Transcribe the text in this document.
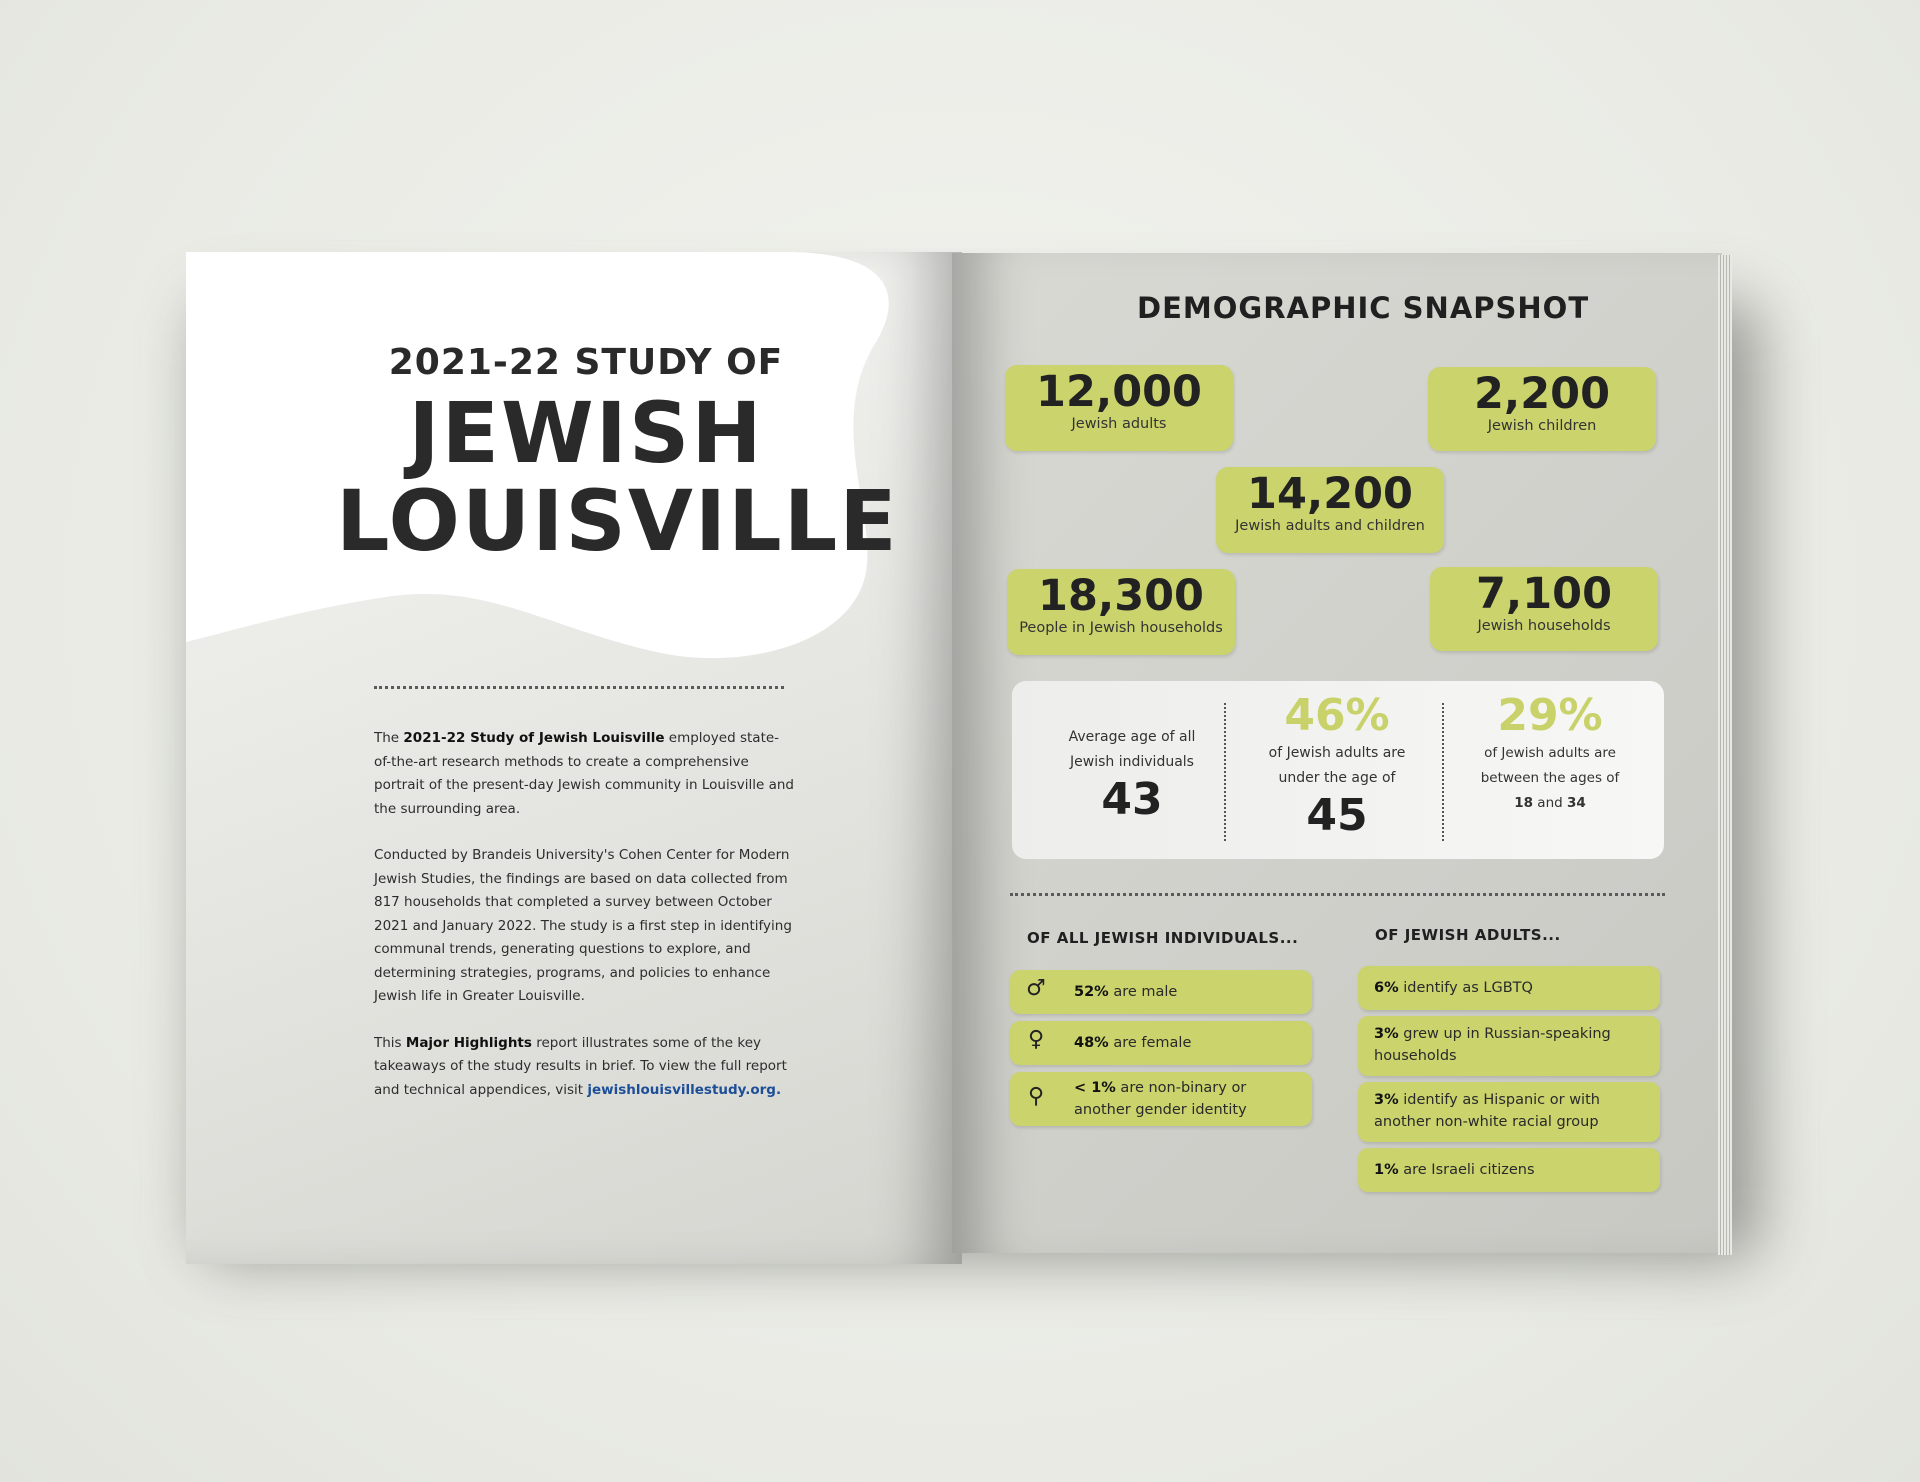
2021-22 STUDY OF
JEWISH
LOUISVILLE

The 2021-22 Study of Jewish Louisville employed state-of-the-art research methods to create a comprehensive portrait of the present-day Jewish community in Louisville and the surrounding area.

Conducted by Brandeis University's Cohen Center for Modern Jewish Studies, the findings are based on data collected from 817 households that completed a survey between October 2021 and January 2022. The study is a first step in identifying communal trends, generating questions to explore, and determining strategies, programs, and policies to enhance Jewish life in Greater Louisville.

This Major Highlights report illustrates some of the key takeaways of the study results in brief. To view the full report and technical appendices, visit jewishlouisvillestudy.org.

DEMOGRAPHIC SNAPSHOT
12,000
Jewish adults
2,200
Jewish children
14,200
Jewish adults and children
18,300
People in Jewish households
7,100
Jewish households
Average age of all Jewish individuals
43
46%
of Jewish adults are under the age of
45
29%
of Jewish adults are between the ages of
18 and 34
OF ALL JEWISH INDIVIDUALS...	OF JEWISH ADULTS...
♂ 52% are male
♀ 48% are female
⚲ < 1% are non-binary or another gender identity
6% identify as LGBTQ
3% grew up in Russian-speaking households
3% identify as Hispanic or with another non-white racial group
1% are Israeli citizens
